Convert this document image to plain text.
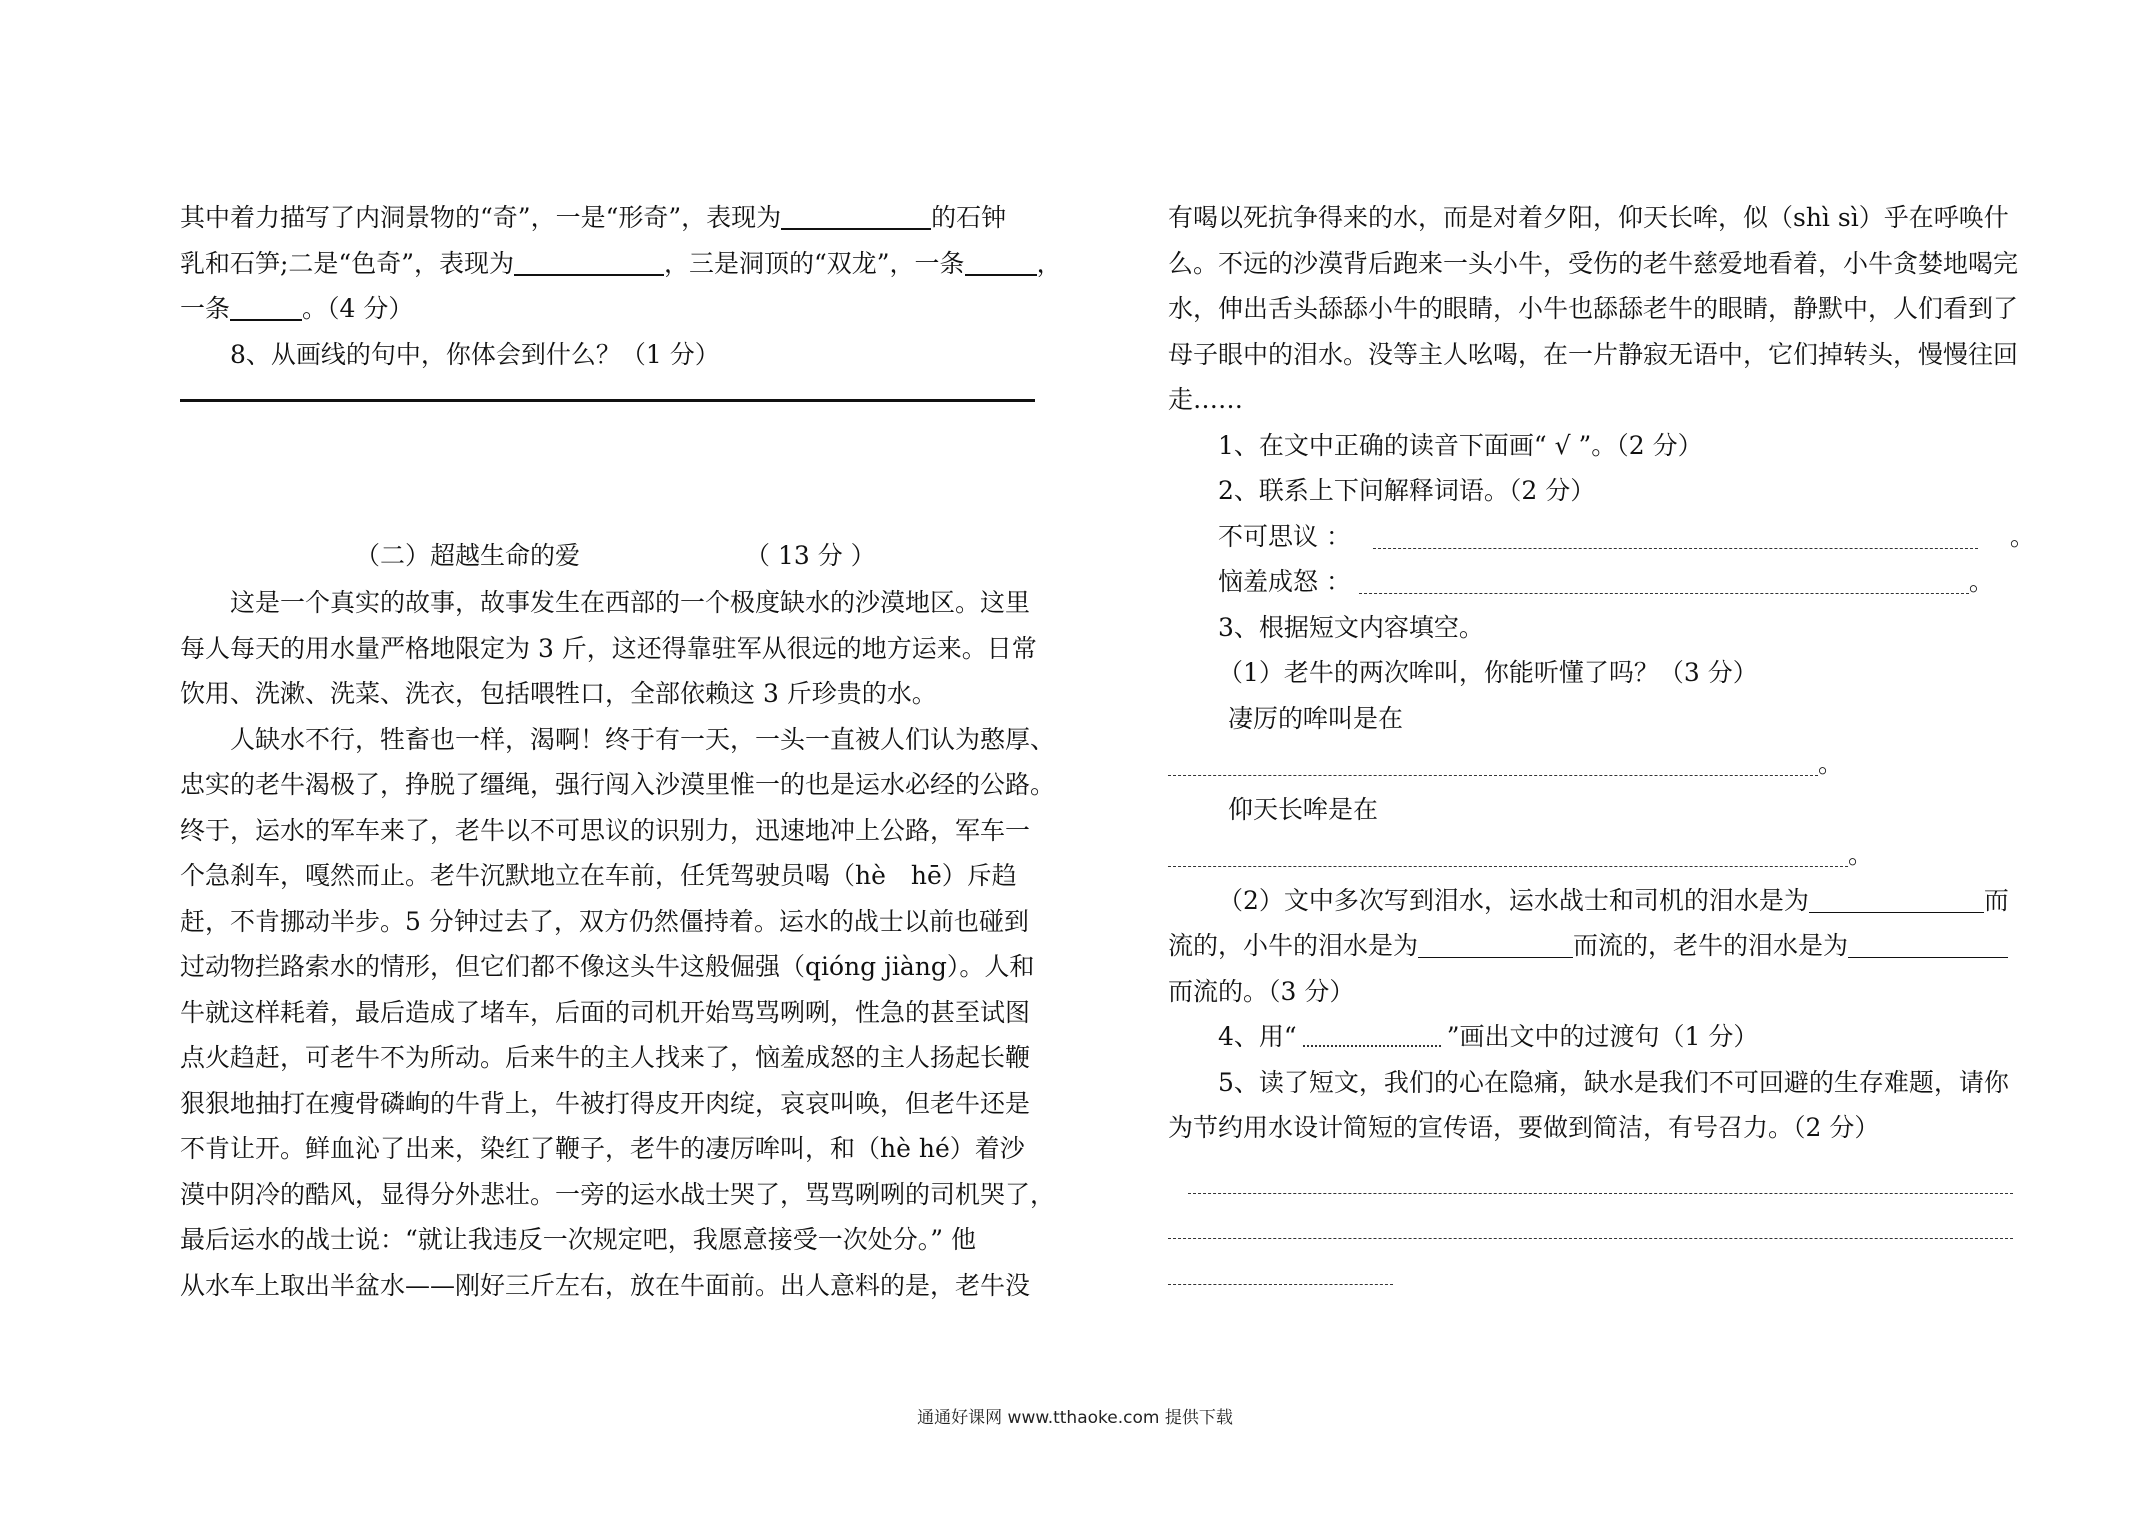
其中着力描写了内洞景物的“奇”，一是“形奇”，表现为	的石钟
乳和石笋;二是“色奇”，表现为	，三是洞顶的“双龙”，一条	，
一条	。（4 分）
8、从画线的句中，你体会到什么？（1 分）
（二）超越生命的爱	（ 13 分 ）
这是一个真实的故事，故事发生在西部的一个极度缺水的沙漠地区。这里
每人每天的用水量严格地限定为 3 斤，这还得靠驻军从很远的地方运来。日常
饮用、洗漱、洗菜、洗衣，包括喂牲口，全部依赖这 3 斤珍贵的水。
人缺水不行，牲畜也一样，渴啊！终于有一天，一头一直被人们认为憨厚、
忠实的老牛渴极了，挣脱了缰绳，强行闯入沙漠里惟一的也是运水必经的公路。
终于，运水的军车来了，老牛以不可思议的识别力，迅速地冲上公路，军车一
个急刹车，嘎然而止。老牛沉默地立在车前，任凭驾驶员喝（hè　hē）斥趋
赶，不肯挪动半步。5 分钟过去了，双方仍然僵持着。运水的战士以前也碰到
过动物拦路索水的情形，但它们都不像这头牛这般倔强（qióng jiàng）。人和
牛就这样耗着，最后造成了堵车，后面的司机开始骂骂咧咧，性急的甚至试图
点火趋赶，可老牛不为所动。后来牛的主人找来了，恼羞成怒的主人扬起长鞭
狠狠地抽打在瘦骨磷峋的牛背上，牛被打得皮开肉绽，哀哀叫唤，但老牛还是
不肯让开。鲜血沁了出来，染红了鞭子，老牛的凄厉哞叫，和（hè hé）着沙
漠中阴冷的酷风，显得分外悲壮。一旁的运水战士哭了，骂骂咧咧的司机哭了，
最后运水的战士说：“就让我违反一次规定吧，我愿意接受一次处分。” 他
从水车上取出半盆水——刚好三斤左右，放在牛面前。出人意料的是，老牛没
有喝以死抗争得来的水，而是对着夕阳，仰天长哞，似（shì sì）乎在呼唤什
么。不远的沙漠背后跑来一头小牛，受伤的老牛慈爱地看着，小牛贪婪地喝完
水，伸出舌头舔舔小牛的眼睛，小牛也舔舔老牛的眼睛，静默中，人们看到了
母子眼中的泪水。没等主人吆喝，在一片静寂无语中，它们掉转头，慢慢往回
走……
1、在文中正确的读音下面画“ √ ”。（2 分）
2、联系上下问解释词语。（2 分）
不可思议 ：	。
恼羞成怒 ：	。
3、根据短文内容填空。
（1）老牛的两次哞叫，你能听懂了吗？（3 分）
凄厉的哞叫是在
。
仰天长哞是在
。
（2）文中多次写到泪水，运水战士和司机的泪水是为	而
流的，小牛的泪水是为	而流的，老牛的泪水是为
而流的。（3 分）
4、用“	”画出文中的过渡句（1 分）
5、读了短文，我们的心在隐痛，缺水是我们不可回避的生存难题，请你
为节约用水设计简短的宣传语，要做到简洁，有号召力。（2 分）
通通好课网 www.tthaoke.com 提供下载
